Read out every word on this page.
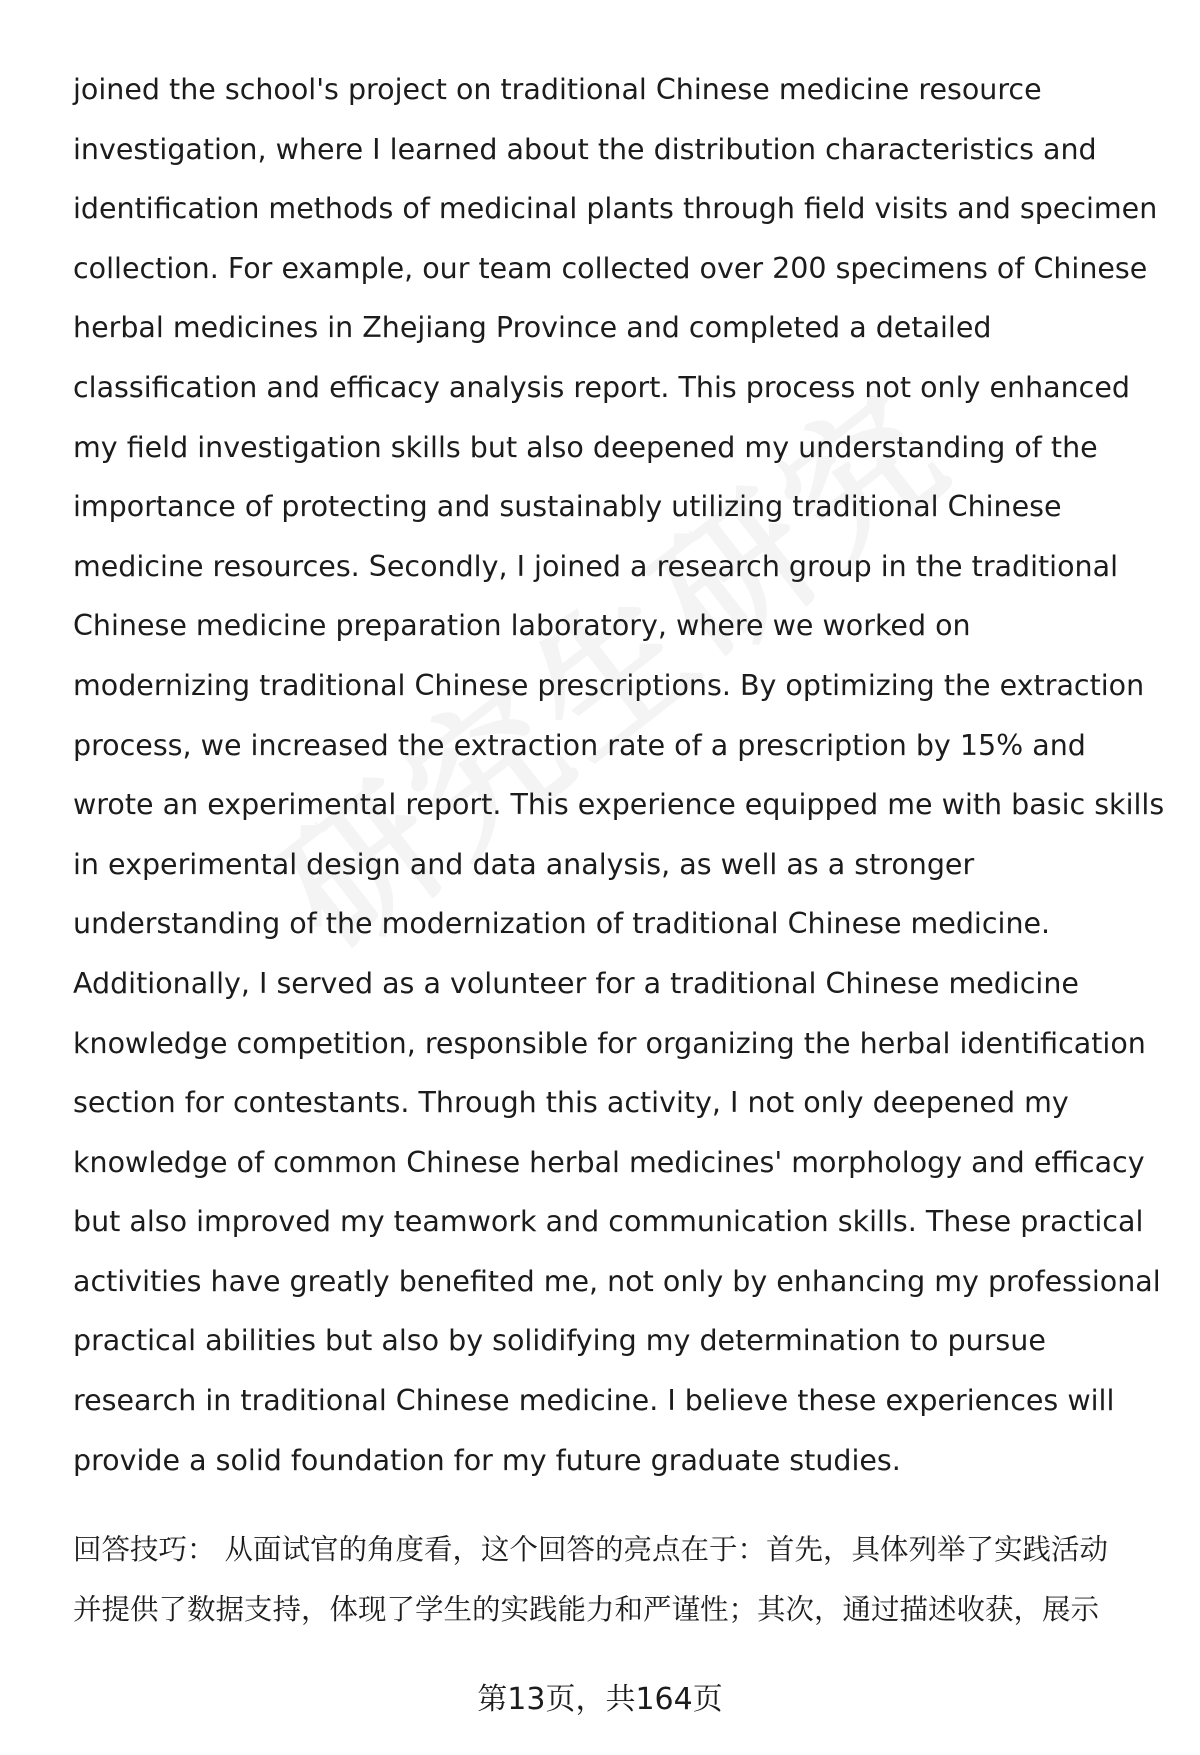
joined the school's project on traditional Chinese medicine resource
investigation, where I learned about the distribution characteristics and
identification methods of medicinal plants through field visits and specimen
collection. For example, our team collected over 200 specimens of Chinese
herbal medicines in Zhejiang Province and completed a detailed
classification and efficacy analysis report. This process not only enhanced
my field investigation skills but also deepened my understanding of the
importance of protecting and sustainably utilizing traditional Chinese
medicine resources. Secondly, I joined a research group in the traditional
Chinese medicine preparation laboratory, where we worked on
modernizing traditional Chinese prescriptions. By optimizing the extraction
process, we increased the extraction rate of a prescription by 15% and
wrote an experimental report. This experience equipped me with basic skills
in experimental design and data analysis, as well as a stronger
understanding of the modernization of traditional Chinese medicine.
Additionally, I served as a volunteer for a traditional Chinese medicine
knowledge competition, responsible for organizing the herbal identification
section for contestants. Through this activity, I not only deepened my
knowledge of common Chinese herbal medicines' morphology and efficacy
but also improved my teamwork and communication skills. These practical
activities have greatly benefited me, not only by enhancing my professional
practical abilities but also by solidifying my determination to pursue
research in traditional Chinese medicine. I believe these experiences will
provide a solid foundation for my future graduate studies.
回答技巧： 从面试官的角度看，这个回答的亮点在于：首先，具体列举了实践活动
并提供了数据支持，体现了学生的实践能力和严谨性；其次，通过描述收获，展示
第13页，共164页
